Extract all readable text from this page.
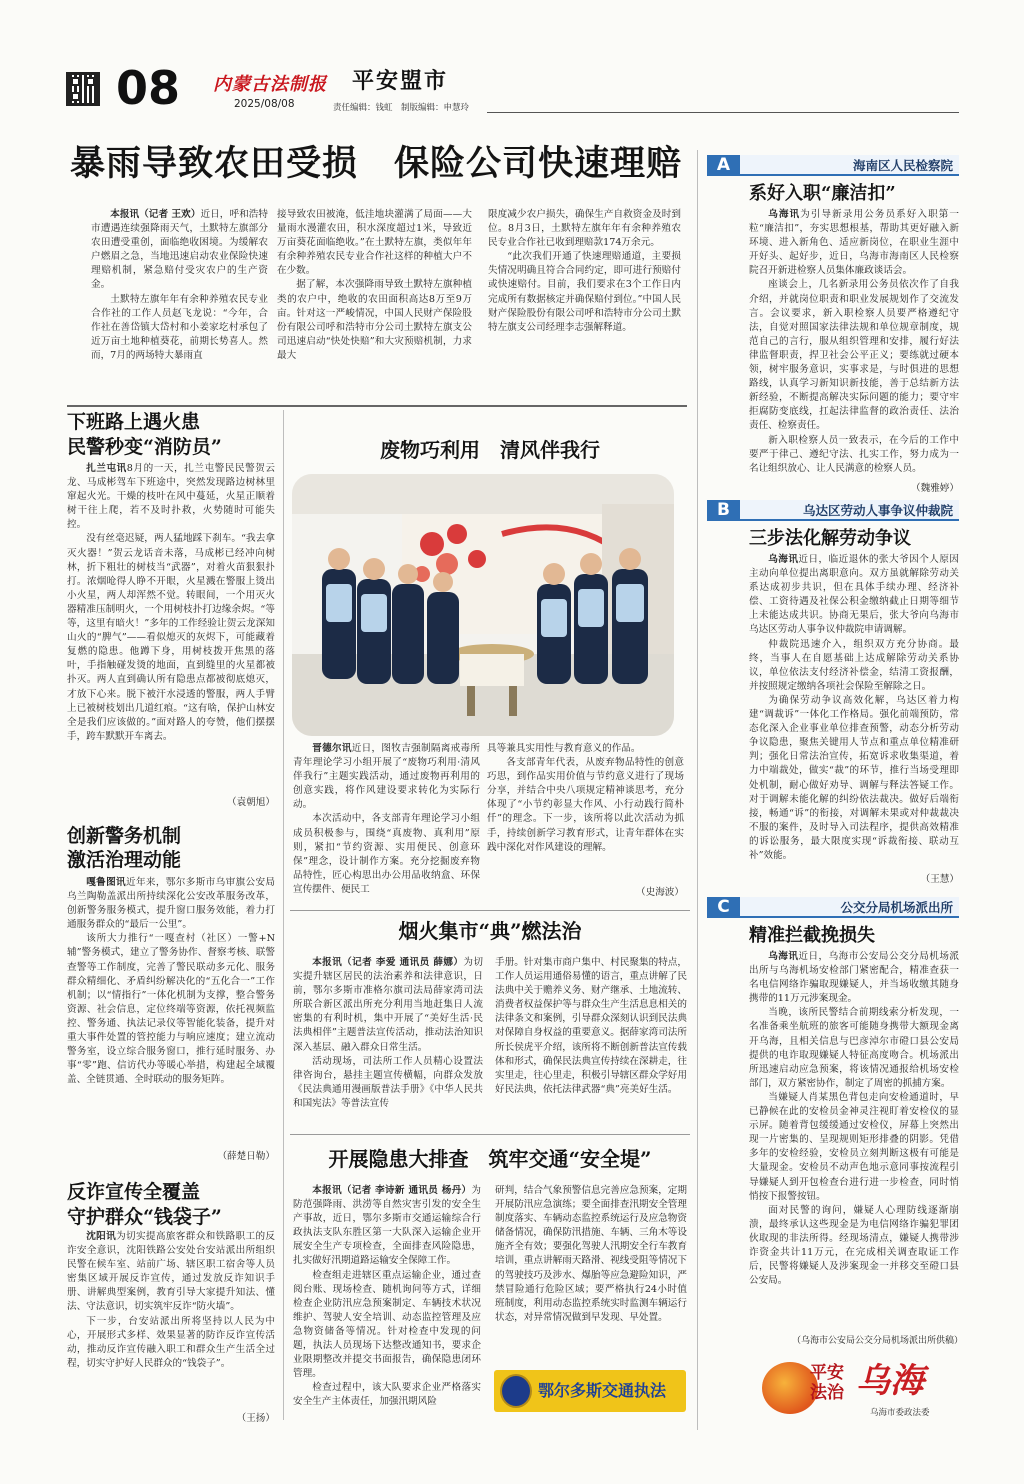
08 内蒙古法制报
2025/08/08
平安盟市
责任编辑：钱虹　制版编辑：申慧玲
暴雨导致农田受损　保险公司快速理赔

本报讯（记者 王欢）近日，呼和浩特市遭遇连续强降雨天气，土默特左旗部分农田遭受重创，面临绝收困境。为缓解农户燃眉之急，当地迅速启动农业保险快速理赔机制，紧急赔付受灾农户的生产资金。

土默特左旗年年有余种养殖农民专业合作社的工作人员赵飞龙说：“今年，合作社在善岱镇大岱村和小姜家圪村承包了近万亩土地种植葵花，前期长势喜人。然而，7月的两场特大暴雨直

接导致农田被淹，低洼地块灌满了局面——大量雨水漫灌农田，积水深度超过1米，导致近万亩葵花面临绝收。”在土默特左旗，类似年年有余种养殖农民专业合作社这样的种植大户不在少数。

据了解，本次强降雨导致土默特左旗种植类的农户中，绝收的农田面积高达8万至9万亩。针对这一严峻情况，中国人民财产保险股份有限公司呼和浩特市分公司土默特左旗支公司迅速启动“快处快赔”和大灾预赔机制，力求最大

限度减少农户损失，确保生产自救资金及时到位。8月3日，土默特左旗年年有余种养殖农民专业合作社已收到理赔款174万余元。

“此次我们开通了快速理赔通道，主要损失情况明确且符合合同约定，即可进行预赔付或快速赔付。目前，我们要求在3个工作日内完成所有数据核定并确保赔付到位。”中国人民财产保险股份有限公司呼和浩特市分公司土默特左旗支公司经理李志强解释道。

下班路上遇火患
民警秒变“消防员”

扎兰屯讯8月的一天，扎兰屯警民民警贺云龙、马成彬驾车下班途中，突然发现路边树林里窜起火光。干燥的枝叶在风中蔓延，火星正顺着树干往上爬，若不及时扑救，火势随时可能失控。

没有丝毫迟疑，两人猛地踩下刹车。“我去拿灭火器！”贺云龙话音未落，马成彬已经冲向树林，折下粗壮的树枝当“武器”，对着火苗狠狠扑打。浓烟呛得人睁不开眼，火星溅在警服上烫出小火星，两人却浑然不觉。转眼间，一个用灭火器精准压制明火，一个用树枝扑打边缘余烬。“等等，这里有暗火！”多年的工作经验让贺云龙深知山火的“脾气”——看似熄灭的灰烬下，可能藏着复燃的隐患。他蹲下身，用树枝拨开焦黑的落叶，手指触碰发烫的地面，直到缝里的火星都被扑灭。两人直到确认所有隐患点都被彻底熄灭，才放下心来。脱下被汗水浸透的警服，两人手臂上已被树枝划出几道红痕。“这有啥，保护山林安全是我们应该做的。”面对路人的夸赞，他们摆摆手，跨车默默开车离去。

（袁朝旭）
创新警务机制
激活治理动能

嘎鲁图讯近年来，鄂尔多斯市乌审旗公安局乌兰陶勒盖派出所持续深化公安改革服务改革，创新警务服务模式，提升窗口服务效能，着力打通服务群众的“最后一公里”。

该所大力推行“一嘎查村（社区）一警+N辅”警务模式，建立了警务协作、督察考核、联警查警等工作制度，完善了警民联动多元化、服务群众精细化、矛盾纠纷解决化的“五化合一”工作机制；以“情指行”一体化机制为支撑，整合警务资源、社会信息，定位终端等资源，依托视频监控、警务通、执法记录仪等智能化装备，提升对重大事件处置的管控能力与响应速度；建立流动警务室，设立综合服务窗口，推行延时服务、办事“零”跑、信访代办等暖心举措，构建起全域覆盖、全链贯通、全时联动的服务矩阵。

（薛楚日勒）
反诈宣传全覆盖
守护群众“钱袋子”

沈阳讯为切实提高旅客群众和铁路职工的反诈安全意识，沈阳铁路公安处台安站派出所组织民警在候车室、站前广场、辖区职工宿舍等人员密集区域开展反诈宣传，通过发放反诈知识手册、讲解典型案例，教育引导大家提升知法、懂法、守法意识，切实筑牢反诈“防火墙”。

下一步，台安站派出所将坚持以人民为中心，开展形式多样、效果显著的防诈反诈宣传活动，推动反诈宣传融入职工和群众生产生活全过程，切实守护好人民群众的“钱袋子”。

（王扬）
废物巧利用　清风伴我行

晋德尔讯近日，图牧吉强制隔离戒毒所青年理论学习小组开展了“废物巧利用·清风伴我行”主题实践活动，通过废物再利用的创意实践，将作风建设要求转化为实际行动。

本次活动中，各支部青年理论学习小组成员积极参与，围绕“真废物、真利用”原则，紧扣“节约资源、实用便民、创意环保”理念，设计制作方案。充分挖掘废弃物品特性，匠心构思出办公用品收纳盒、环保宣传摆件、便民工

具等兼具实用性与教育意义的作品。

各支部青年代表，从废弃物品特性的创意巧思，到作品实用价值与节约意义进行了现场分享，并结合中央八项规定精神谈思考，充分体现了“小节约彰显大作风、小行动践行简朴仟”的理念。下一步，该所将以此次活动为抓手，持续创新学习教育形式，让青年群体在实践中深化对作风建设的理解。

（史海波）
烟火集市“典”燃法治

本报讯（记者 李爱 通讯员 薛娜）为切实提升辖区居民的法治素养和法律意识，日前，鄂尔多斯市准格尔旗司法局薛家湾司法所联合新区派出所充分利用当地赶集日人流密集的有利时机，集中开展了“美好生活·民法典相伴”主题普法宣传活动，推动法治知识深入基层、融入群众日常生活。

活动现场，司法所工作人员精心设置法律咨询台，悬挂主题宣传横幅，向群众发放《民法典通用漫画版普法手册》《中华人民共和国宪法》等普法宣传

手册。针对集市商户集中、村民聚集的特点，工作人员运用通俗易懂的语言，重点讲解了民法典中关于赡养义务、财产继承、土地流转、消费者权益保护等与群众生产生活息息相关的法律条文和案例，引导群众深刻认识到民法典对保障自身权益的重要意义。据薛家湾司法所所长侯虎平介绍，该所将不断创新普法宣传载体和形式，确保民法典宣传持续在深耕走，往实里走，往心里走，积极引导辖区群众学好用好民法典，依托法律武器“典”亮美好生活。

开展隐患大排查　筑牢交通“安全堤”

本报讯（记者 李诗新 通讯员 杨丹）为防范强降雨、洪涝等自然灾害引发的安全生产事故，近日，鄂尔多斯市交通运输综合行政执法支队东胜区第一大队深入运输企业开展安全生产专项检查，全面排查风险隐患，扎实做好汛期道路运输安全保障工作。

检查组走进辖区重点运输企业，通过查阅台账、现场检查、随机询问等方式，详细检查企业防汛应急预案制定、车辆技术状况维护、驾驶人安全培训、动态监控管理及应急物资储备等情况。针对检查中发现的问题，执法人员现场下达整改通知书，要求企业限期整改并提交书面报告，确保隐患闭环管理。

检查过程中，该大队要求企业严格落实安全生产主体责任，加强汛期风险

研判，结合气象预警信息完善应急预案，定期开展防汛应急演练；要全面排查汛期安全管理制度落实、车辆动态监控系统运行及应急物资储备情况，确保防汛措施、车辆、三角木等设施齐全有效；要强化驾驶人汛期安全行车教育培训，重点讲解雨天路滑、视线受阻等情况下的驾驶技巧及涉水、爆胎等应急避险知识，严禁冒险通行危险区域；要严格执行24小时值班制度，利用动态监控系统实时监测车辆运行状态，对异常情况做到早发现、早处置。

鄂尔多斯交通执法
A	海南区人民检察院
系好入职“廉洁扣”

乌海讯为引导新录用公务员系好入职第一粒“廉洁扣”，夯实思想根基，帮助其更好融入新环境、进入新角色、适应新岗位，在职业生涯中开好头、起好步，近日，乌海市海南区人民检察院召开新进检察人员集体廉政谈话会。

座谈会上，几名新录用公务员依次作了自我介绍，并就岗位职责和职业发展规划作了交流发言。会议要求，新入职检察人员要严格遵纪守法，自觉对照国家法律法规和单位规章制度，规范自己的言行，服从组织管理和安排，履行好法律监督职责，捍卫社会公平正义；要练就过硬本领，树牢服务意识，实事求是，与时俱进的思想路线，认真学习新知识新技能，善于总结新方法新经验，不断提高解决实际问题的能力；要守牢拒腐防变底线，扛起法律监督的政治责任、法治责任、检察责任。

新入职检察人员一致表示，在今后的工作中要严于律己、遵纪守法、扎实工作，努力成为一名让组织放心、让人民满意的检察人员。

（魏雅婷）
B	乌达区劳动人事争议仲裁院
三步法化解劳动争议

乌海讯近日，临近退休的张大爷因个人原因主动向单位提出离职意向。双方虽就解除劳动关系达成初步共识，但在具体手续办理、经济补偿、工资待遇及社保公积金缴纳截止日期等细节上未能达成共识。协商无果后，张大爷向乌海市乌达区劳动人事争议仲裁院申请调解。

仲裁院迅速介入，组织双方充分协商。最终，当事人在自愿基础上达成解除劳动关系协议，单位依法支付经济补偿金，结清工资报酬，并按照规定缴纳各项社会保险至解除之日。

为确保劳动争议高效化解，乌达区着力构建“调裁诉”一体化工作格局。强化前端预防，常态化深入企业事业单位排查预警，动态分析劳动争议隐患，聚焦关键用人节点和重点单位精准研判；强化日常法治宣传，拓宽诉求收集渠道，着力中端裁处，做实“裁”的环节，推行当场受理即处机制，耐心做好劝导、调解与释法答疑工作。对于调解未能化解的纠纷依法裁决。做好后端衔接，畅通“诉”的衔接，对调解未果或对仲裁裁决不服的案件，及时导入司法程序，提供高效精准的诉讼服务，最大限度实现“诉裁衔接、联动互补”效能。

（王慧）
C	公交分局机场派出所
精准拦截挽损失

乌海讯近日，乌海市公安局公交分局机场派出所与乌海机场安检部门紧密配合，精准查获一名电信网络诈骗取现嫌疑人，并当场收缴其随身携带的11万元涉案现金。

当晚，该所民警结合前期线索分析发现，一名准备乘坐航班的旅客可能随身携带大额现金离开乌海，且相关信息与巴彦淖尔市磴口县公安局提供的电诈取现嫌疑人特征高度吻合。机场派出所迅速启动应急预案，将该情况通报给机场安检部门，双方紧密协作，制定了周密的抓捕方案。

当嫌疑人肖某黑色背包走向安检通道时，早已静候在此的安检员金神灵注视盯着安检仪的显示屏。随着背包缓缓通过安检仪，屏幕上突然出现一片密集的、呈现规则矩形排叠的阴影。凭借多年的安检经验，安检员立刻判断这极有可能是大量现金。安检员不动声色地示意同事按流程引导嫌疑人到开包检查台进行进一步检查，同时悄悄按下报警按钮。

面对民警的询问，嫌疑人心理防线逐渐崩溃，最终承认这些现金是为电信网络诈骗犯罪团伙取现的非法所得。经现场清点，嫌疑人携带涉诈资金共计11万元，在完成相关调查取证工作后，民警将嫌疑人及涉案现金一并移交至磴口县公安局。

（乌海市公安局公交分局机场派出所供稿）
平安
法治 乌海
乌海市委政法委
